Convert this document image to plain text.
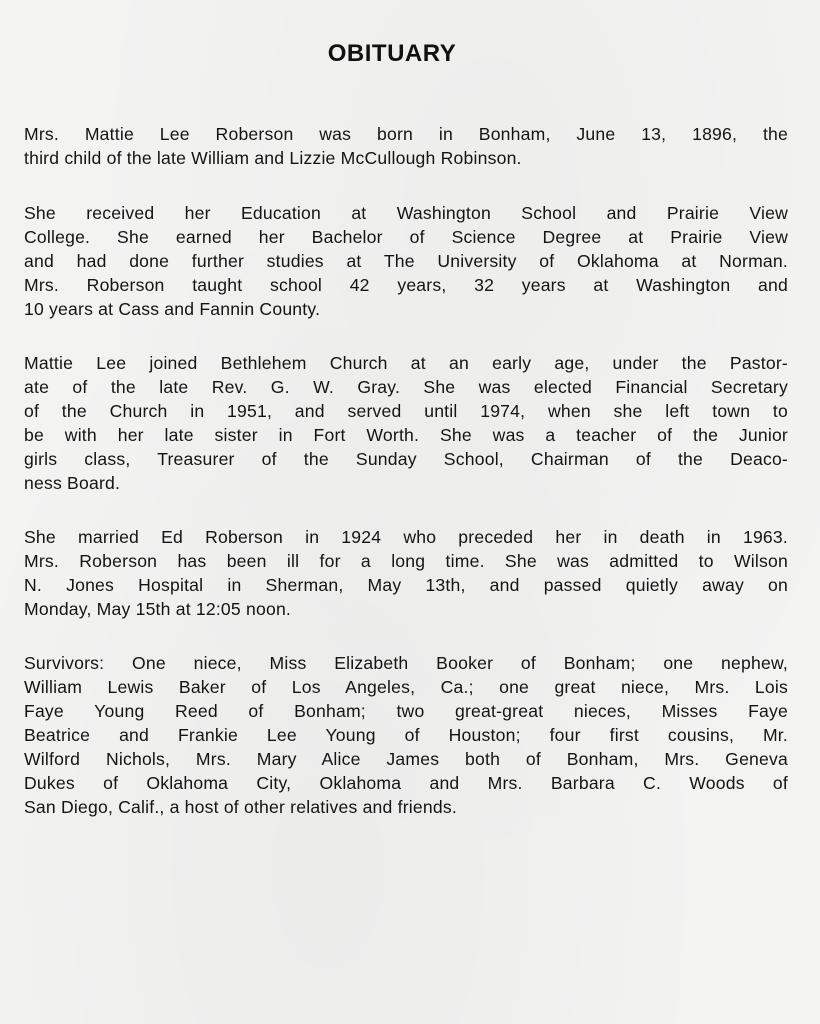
OBITUARY
Mrs. Mattie Lee Roberson was born in Bonham, June 13, 1896, the
third child of the late William and Lizzie McCullough Robinson.
She received her Education at Washington School and Prairie View
College. She earned her Bachelor of Science Degree at Prairie View
and had done further studies at The University of Oklahoma at Norman.
Mrs. Roberson taught school 42 years, 32 years at Washington and
10 years at Cass and Fannin County.
Mattie Lee joined Bethlehem Church at an early age, under the Pastor-
ate of the late Rev. G. W. Gray. She was elected Financial Secretary
of the Church in 1951, and served until 1974, when she left town to
be with her late sister in Fort Worth. She was a teacher of the Junior
girls class, Treasurer of the Sunday School, Chairman of the Deaco-
ness Board.
She married Ed Roberson in 1924 who preceded her in death in 1963.
Mrs. Roberson has been ill for a long time. She was admitted to Wilson
N. Jones Hospital in Sherman, May 13th, and passed quietly away on
Monday, May 15th at 12:05 noon.
Survivors: One niece, Miss Elizabeth Booker of Bonham; one nephew,
William Lewis Baker of Los Angeles, Ca.; one great niece, Mrs. Lois
Faye Young Reed of Bonham; two great-great nieces, Misses Faye
Beatrice and Frankie Lee Young of Houston; four first cousins, Mr.
Wilford Nichols, Mrs. Mary Alice James both of Bonham, Mrs. Geneva
Dukes of Oklahoma City, Oklahoma and Mrs. Barbara C. Woods of
San Diego, Calif., a host of other relatives and friends.
